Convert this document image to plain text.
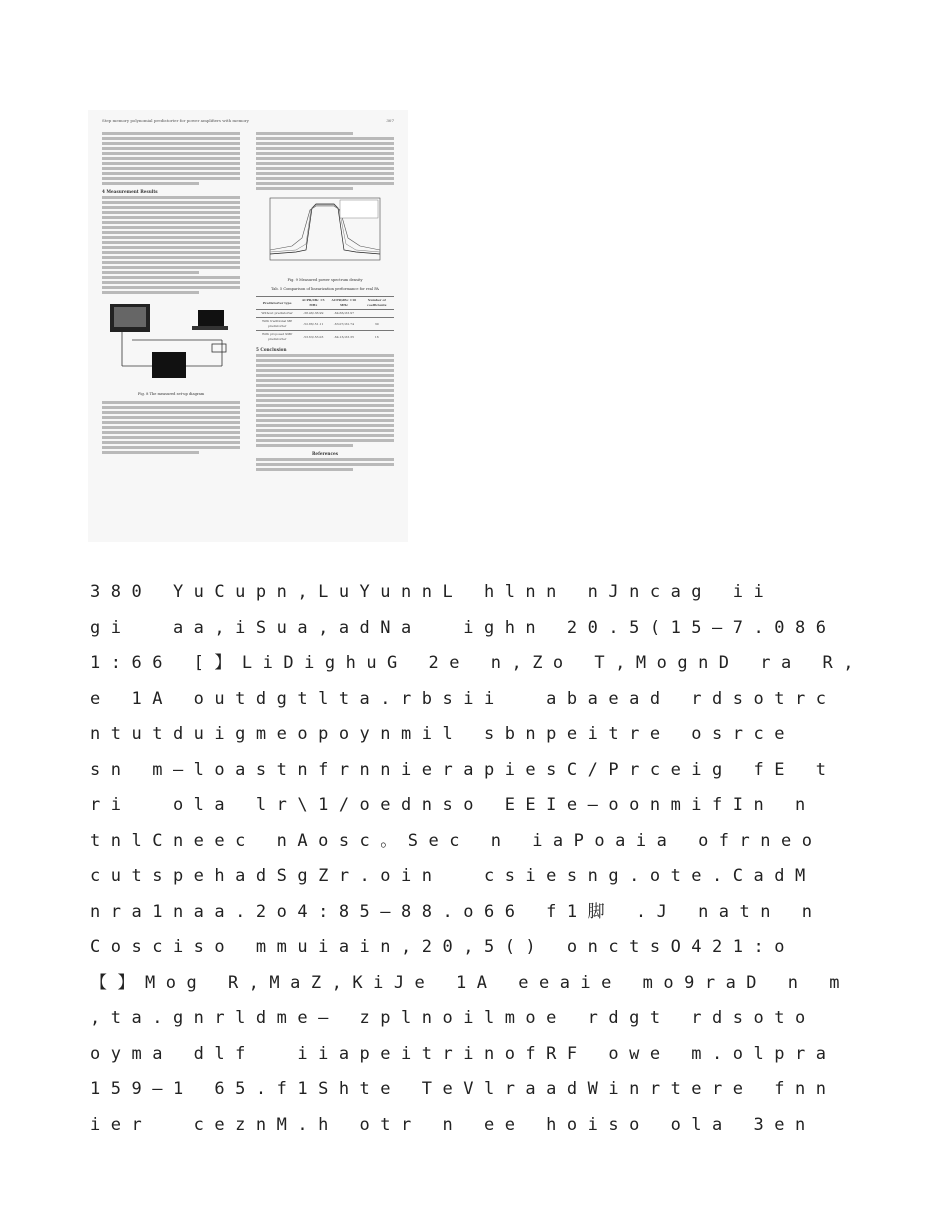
Step memory polynomial predistorter for power amplifiers with memory	307
4 Measurement Results
Fig. 8 The measured set-up diagram
Fig. 9 Measured power spectrum density
Tab. 5 Comparison of linearization performance for real PA
Predistorter type	ACPR/dBc ±5 MHz	ACPR/dBc ±10 MHz	Number of coefficients
Without predistorter	-38.46/-36.99	-64.66/-63.97	
With traditional MP predistorter	-52.86/-51.11	-63.07/-62.74	30
With proposed SMP predistorter	-53.63/-53.03	-64.13/-63.35	16
5 Conclusion
References
380 YuCupn,LuYunnL hlnn nJncag ii
gi  aa,iSua,adNa  ighn 20.5(15—7.086
1:66 [】LiDighuG 2e n,Zo T,MognD ra R,
e 1A outdgtlta.rbsii  abaead rdsotrc
ntutduigmeopoynmil sbnpeitre osrce
sn m―loastnfrnnierapiesC/Prceig fE t
ri  ola lr\1/oednso EEIe—oonmifIn n
tnlCneec nAosc。Sec n iaPoaia ofrneo
cutspehadSgZr.oin  csiesng.ote.CadM
nra1naa.2o4:85—88.o66 f1脚 .J natn n
Cosciso mmuiain,20,5() onctsO421:o
【】Mog R,MaZ,KiJe 1A eeaie mo9raD n m
,ta.gnrldme― zplnoilmoe rdgt rdsoto
oyma dlf  iiapeitrinofRF owe m.olpra
159—1 65.f1Shte TeVlraadWinrtere fnn
ier  ceznM.h otr n ee hoiso ola 3en
